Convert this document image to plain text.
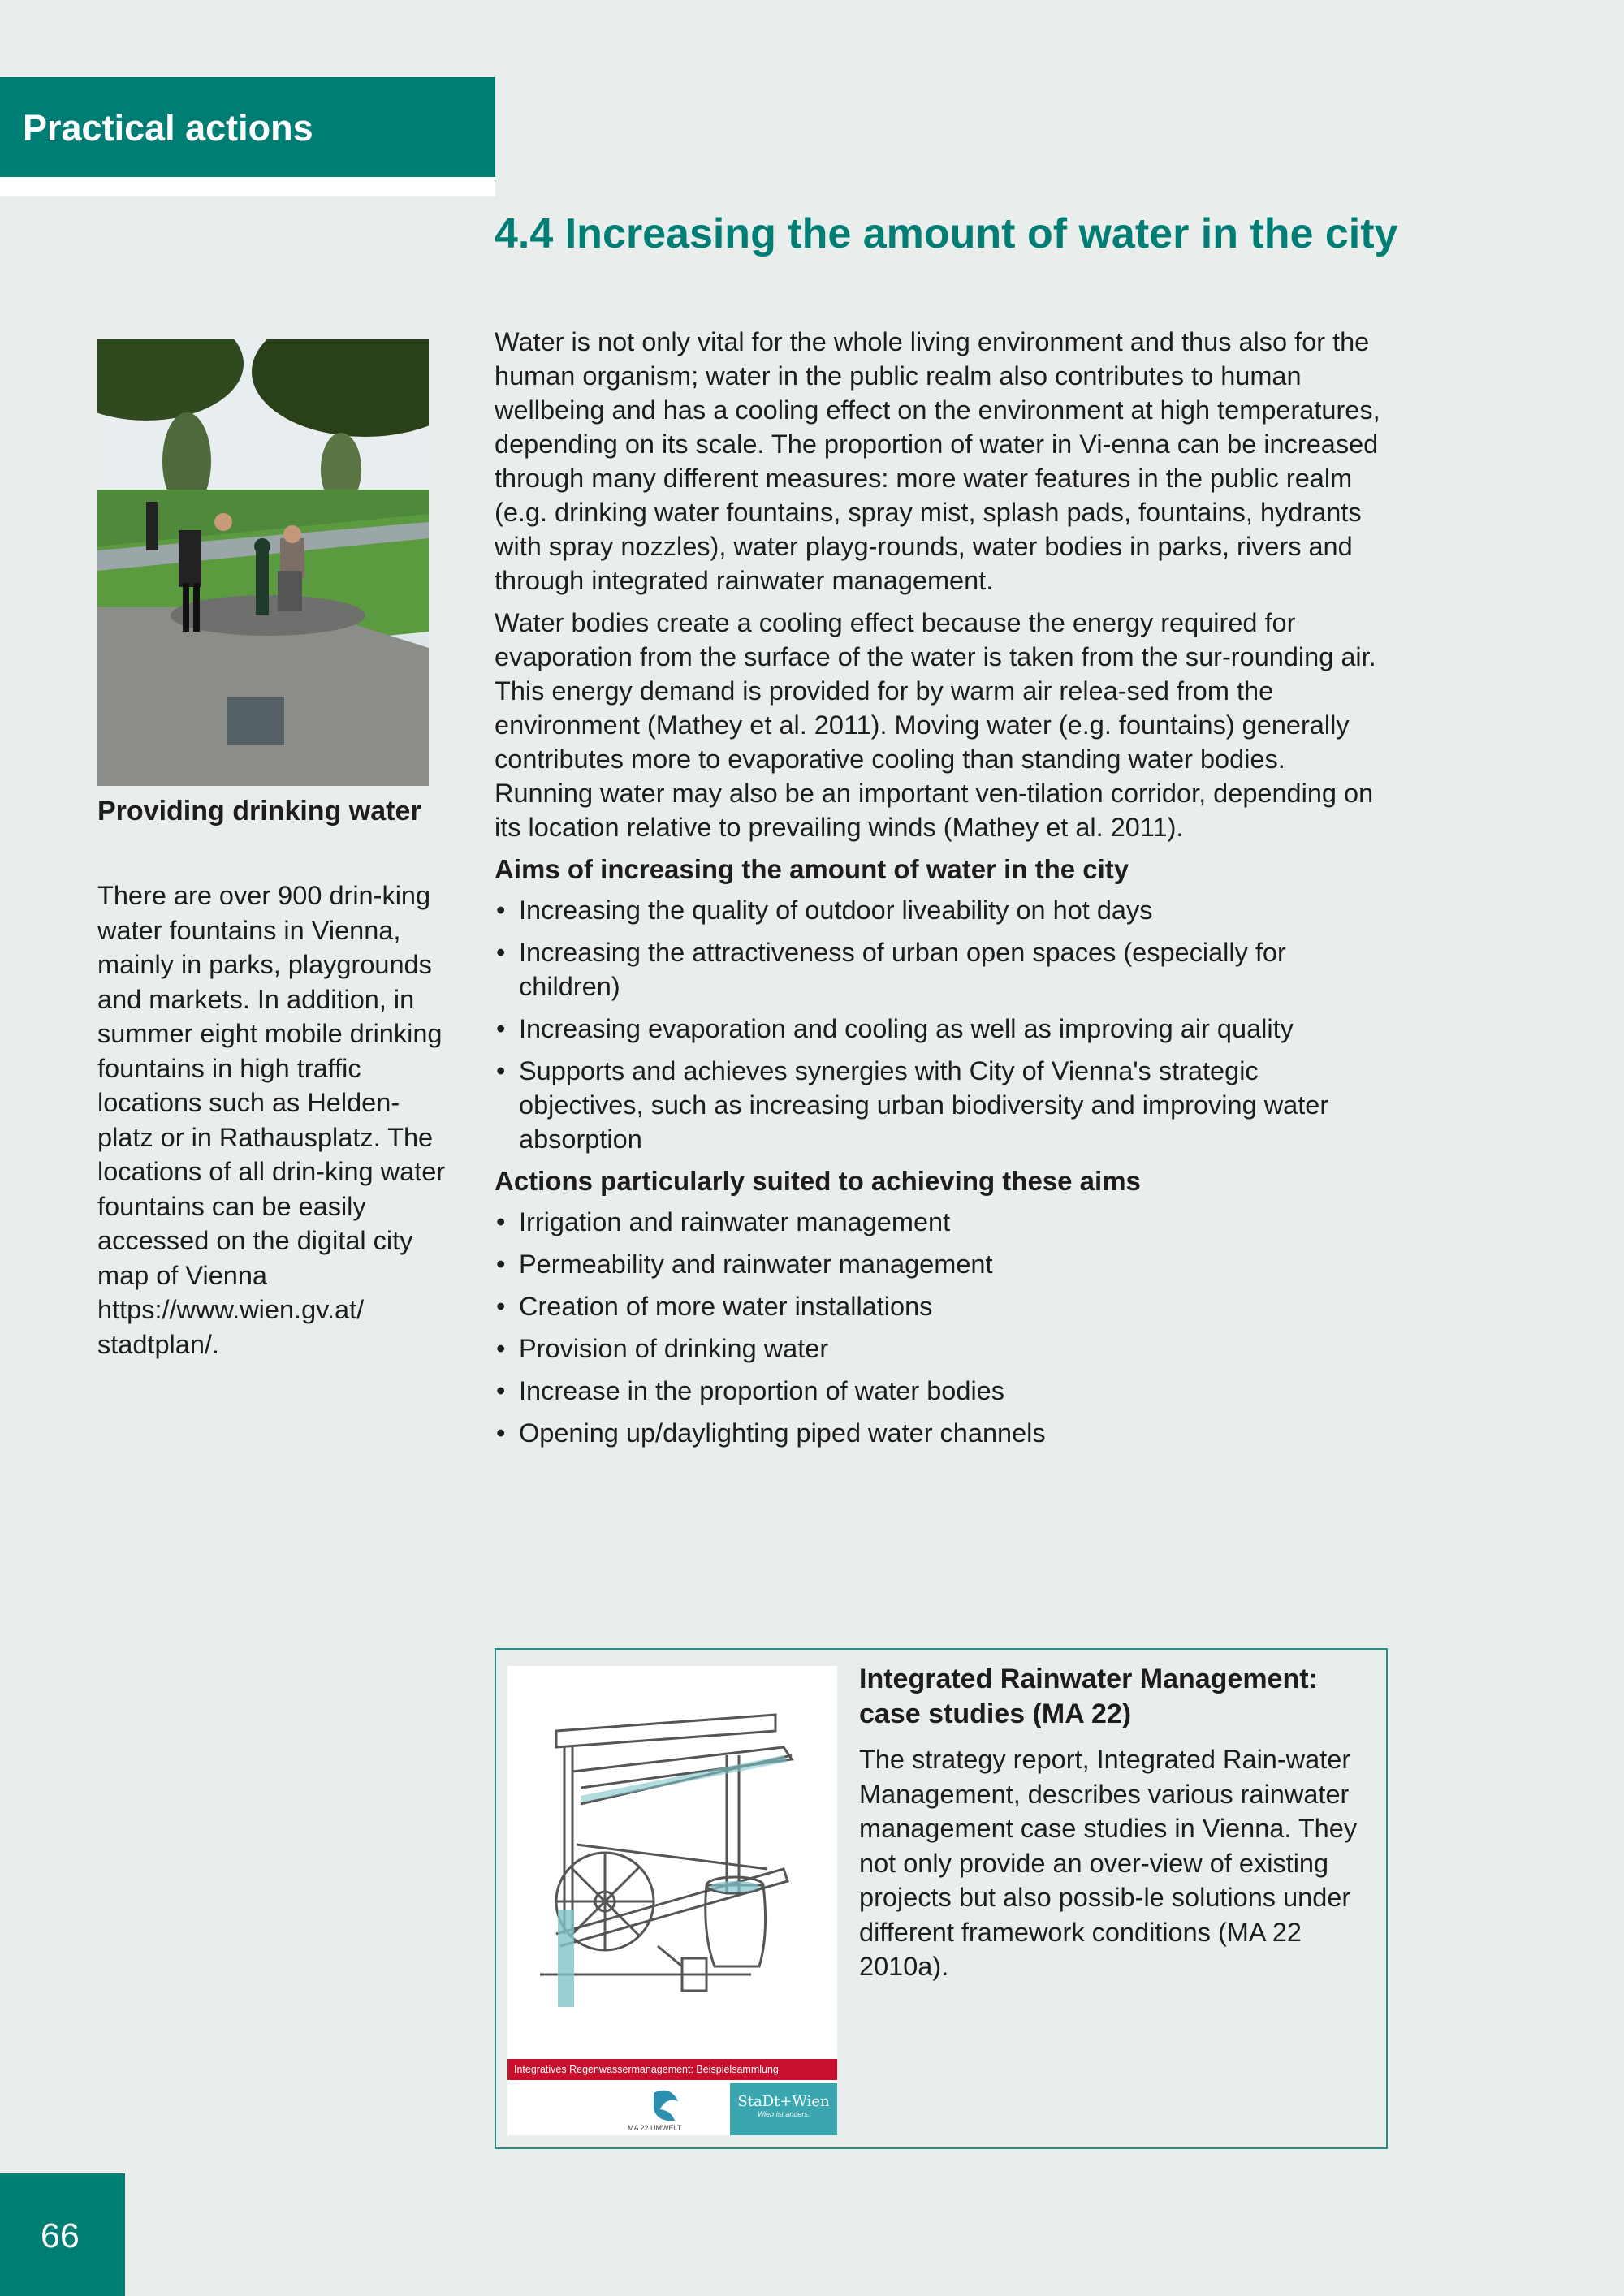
Practical actions
4.4 Increasing the amount of water in the city
Providing drinking water

There are over 900 drin-king water fountains in Vienna, mainly in parks, playgrounds and markets. In addition, in summer eight mobile drinking fountains in high traffic locations such as Helden-platz or in Rathausplatz. The locations of all drin-king water fountains can be easily accessed on the digital city map of Vienna https://www.wien.gv.at/ stadtplan/.

Water is not only vital for the whole living environment and thus also for the human organism; water in the public realm also contributes to human wellbeing and has a cooling effect on the environment at high temperatures, depending on its scale. The proportion of water in Vi-enna can be increased through many different measures: more water features in the public realm (e.g. drinking water fountains, spray mist, splash pads, fountains, hydrants with spray nozzles), water playg-rounds, water bodies in parks, rivers and through integrated rainwater management.

Water bodies create a cooling effect because the energy required for evaporation from the surface of the water is taken from the sur-rounding air. This energy demand is provided for by warm air relea-sed from the environment (Mathey et al. 2011). Moving water (e.g. fountains) generally contributes more to evaporative cooling than standing water bodies. Running water may also be an important ven-tilation corridor, depending on its location relative to prevailing winds (Mathey et al. 2011).

Aims of increasing the amount of water in the city
• Increasing the quality of outdoor liveability on hot days
• Increasing the attractiveness of urban open spaces (especially for children)
• Increasing evaporation and cooling as well as improving air quality
• Supports and achieves synergies with City of Vienna's strategic objectives, such as increasing urban biodiversity and improving water absorption
Actions particularly suited to achieving these aims
• Irrigation and rainwater management
• Permeability and rainwater management
• Creation of more water installations
• Provision of drinking water
• Increase in the proportion of water bodies
• Opening up/daylighting piped water channels
Integratives Regenwassermanagement: Beispielsammlung
MA 22 UMWELT
StaDt+Wien
Wien ist anders.
Integrated Rainwater Management: case studies (MA 22)

The strategy report, Integrated Rain-water Management, describes various rainwater management case studies in Vienna. They not only provide an over-view of existing projects but also possib-le solutions under different framework conditions (MA 22 2010a).

66
